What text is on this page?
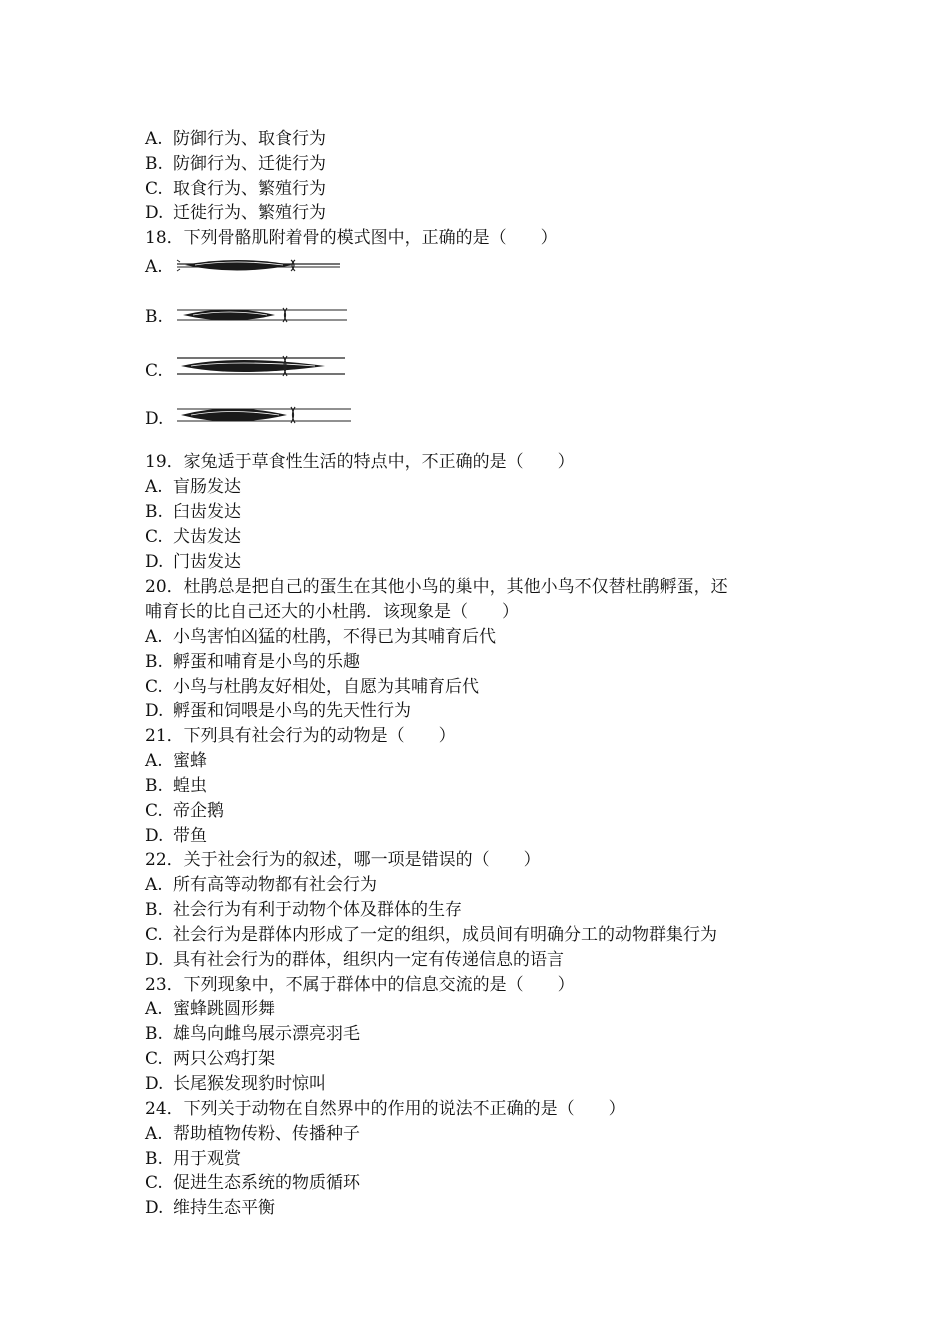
A. 防御行为、取食行为
B. 防御行为、迁徙行为
C. 取食行为、繁殖行为
D. 迁徙行为、繁殖行为
18．下列骨骼肌附着骨的模式图中，正确的是（　　）
A.
B.
C.
D.
19．家兔适于草食性生活的特点中，不正确的是（　　）
A. 盲肠发达
B. 臼齿发达
C. 犬齿发达
D. 门齿发达
20．杜鹃总是把自己的蛋生在其他小鸟的巢中，其他小鸟不仅替杜鹃孵蛋，还
哺育长的比自己还大的小杜鹃．该现象是（　　）
A. 小鸟害怕凶猛的杜鹃，不得已为其哺育后代
B. 孵蛋和哺育是小鸟的乐趣
C. 小鸟与杜鹃友好相处，自愿为其哺育后代
D. 孵蛋和饲喂是小鸟的先天性行为
21．下列具有社会行为的动物是（　　）
A. 蜜蜂
B. 蝗虫
C. 帝企鹅
D. 带鱼
22．关于社会行为的叙述，哪一项是错误的（　　）
A. 所有高等动物都有社会行为
B. 社会行为有利于动物个体及群体的生存
C. 社会行为是群体内形成了一定的组织，成员间有明确分工的动物群集行为
D. 具有社会行为的群体，组织内一定有传递信息的语言
23．下列现象中，不属于群体中的信息交流的是（　　）
A. 蜜蜂跳圆形舞
B. 雄鸟向雌鸟展示漂亮羽毛
C. 两只公鸡打架
D. 长尾猴发现豹时惊叫
24．下列关于动物在自然界中的作用的说法不正确的是（　　）
A. 帮助植物传粉、传播种子
B. 用于观赏
C. 促进生态系统的物质循环
D. 维持生态平衡
